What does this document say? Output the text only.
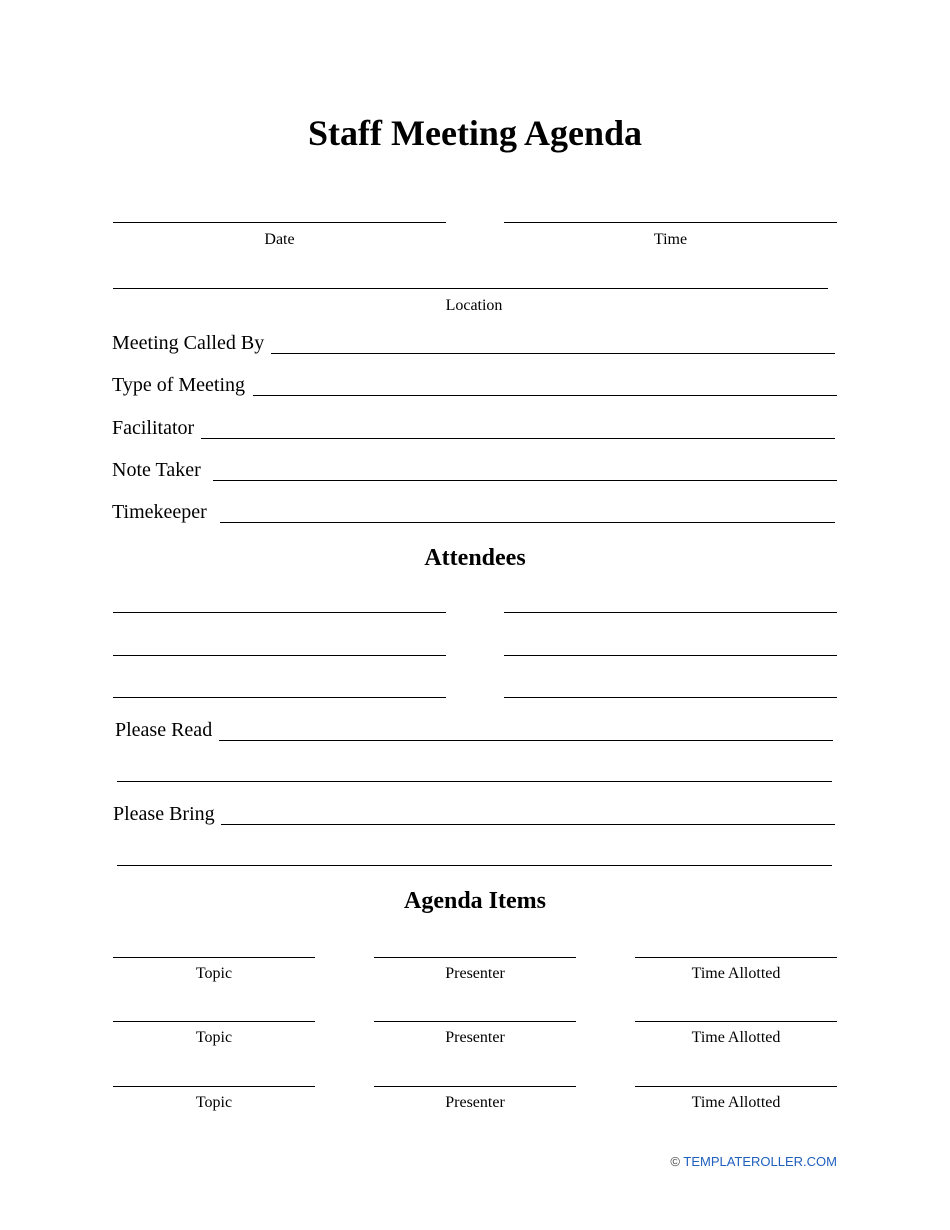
Staff Meeting Agenda
Date	Time
Location
Meeting Called By
Type of Meeting
Facilitator
Note Taker
Timekeeper
Attendees
Please Read
Please Bring
Agenda Items
Topic	Presenter	Time Allotted
Topic	Presenter	Time Allotted
Topic	Presenter	Time Allotted
© TEMPLATEROLLER.COM
